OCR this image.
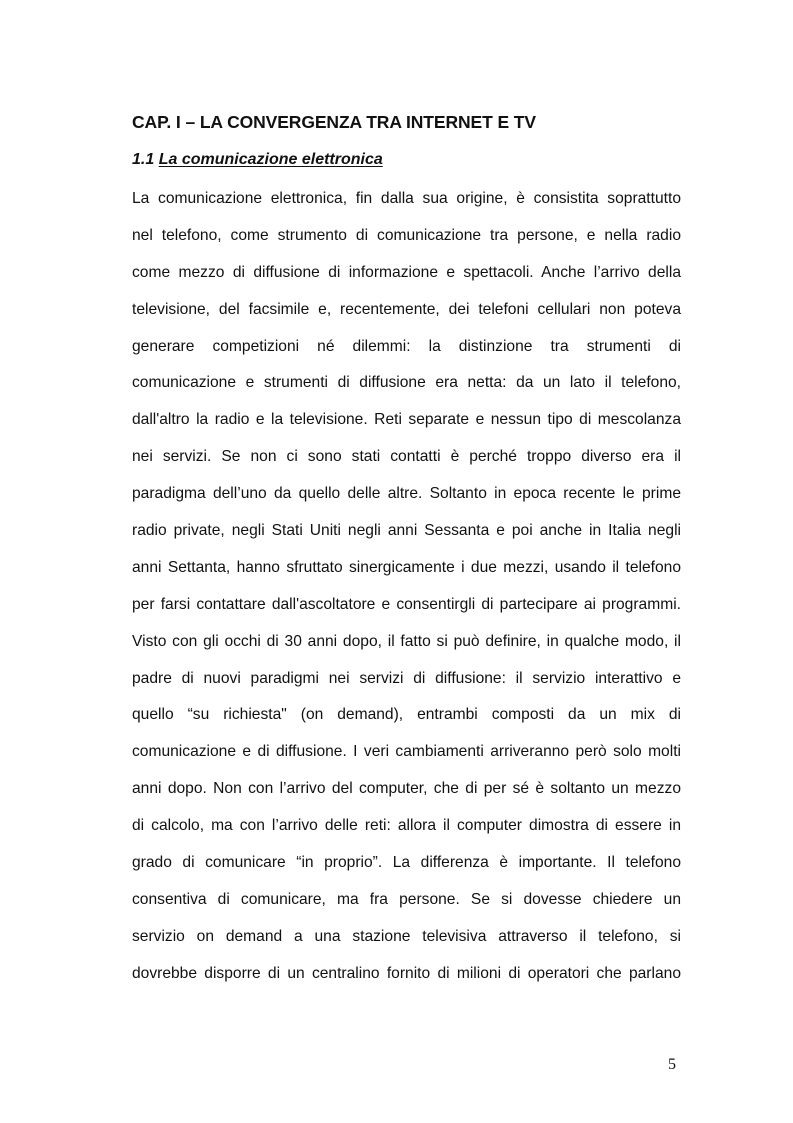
CAP. I – LA CONVERGENZA TRA INTERNET E TV
1.1 La comunicazione elettronica
La comunicazione elettronica, fin dalla sua origine, è consistita soprattutto
nel telefono, come strumento di comunicazione tra persone, e nella radio
come mezzo di diffusione di informazione e spettacoli. Anche l’arrivo della
televisione, del facsimile e, recentemente, dei telefoni cellulari non poteva
generare competizioni né dilemmi: la distinzione tra strumenti di
comunicazione e strumenti di diffusione era netta: da un lato il telefono,
dall'altro la radio e la televisione. Reti separate e nessun tipo di mescolanza
nei servizi. Se non ci sono stati contatti è perché troppo diverso era il
paradigma dell’uno da quello delle altre. Soltanto in epoca recente le prime
radio private, negli Stati Uniti negli anni Sessanta e poi anche in Italia negli
anni Settanta, hanno sfruttato sinergicamente i due mezzi, usando il telefono
per farsi contattare dall'ascoltatore e consentirgli di partecipare ai programmi.
Visto con gli occhi di 30 anni dopo, il fatto si può definire, in qualche modo, il
padre di nuovi paradigmi nei servizi di diffusione: il servizio interattivo e
quello “su richiesta" (on demand), entrambi composti da un mix di
comunicazione e di diffusione. I veri cambiamenti arriveranno però solo molti
anni dopo. Non con l’arrivo del computer, che di per sé è soltanto un mezzo
di calcolo, ma con l’arrivo delle reti: allora il computer dimostra di essere in
grado di comunicare “in proprio”. La differenza è importante. Il telefono
consentiva di comunicare, ma fra persone. Se si dovesse chiedere un
servizio on demand a una stazione televisiva attraverso il telefono, si
dovrebbe disporre di un centralino fornito di milioni di operatori che parlano

5
